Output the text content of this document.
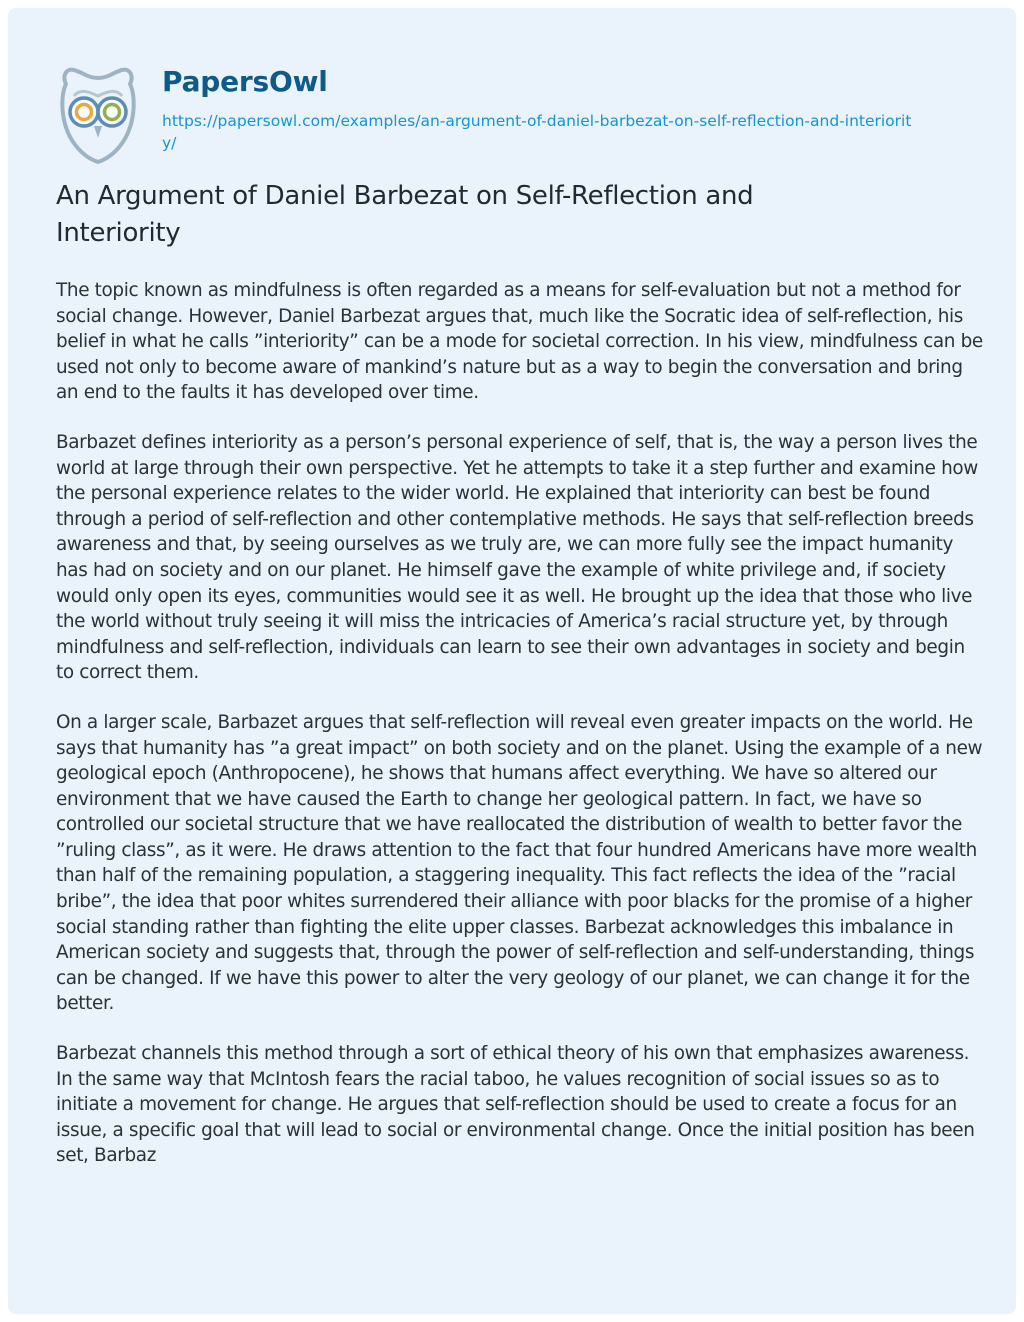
PapersOwl
https://papersowl.com/examples/an-argument-of-daniel-barbezat-on-self-reflection-and-interiority/
An Argument of Daniel Barbezat on Self-Reflection and Interiority

The topic known as mindfulness is often regarded as a means for self-evaluation but not a method for social change. However, Daniel Barbezat argues that, much like the Socratic idea of self-reflection, his belief in what he calls ”interiority” can be a mode for societal correction. In his view, mindfulness can be used not only to become aware of mankind’s nature but as a way to begin the conversation and bring an end to the faults it has developed over time.

Barbazet defines interiority as a person’s personal experience of self, that is, the way a person lives the world at large through their own perspective. Yet he attempts to take it a step further and examine how the personal experience relates to the wider world. He explained that interiority can best be found through a period of self-reflection and other contemplative methods. He says that self-reflection breeds awareness and that, by seeing ourselves as we truly are, we can more fully see the impact humanity has had on society and on our planet. He himself gave the example of white privilege and, if society would only open its eyes, communities would see it as well. He brought up the idea that those who live the world without truly seeing it will miss the intricacies of America’s racial structure yet, by through mindfulness and self-reflection, individuals can learn to see their own advantages in society and begin to correct them.

On a larger scale, Barbazet argues that self-reflection will reveal even greater impacts on the world. He says that humanity has ”a great impact” on both society and on the planet. Using the example of a new geological epoch (Anthropocene), he shows that humans affect everything. We have so altered our environment that we have caused the Earth to change her geological pattern. In fact, we have so controlled our societal structure that we have reallocated the distribution of wealth to better favor the ”ruling class”, as it were. He draws attention to the fact that four hundred Americans have more wealth than half of the remaining population, a staggering inequality. This fact reflects the idea of the ”racial bribe”, the idea that poor whites surrendered their alliance with poor blacks for the promise of a higher social standing rather than fighting the elite upper classes. Barbezat acknowledges this imbalance in American society and suggests that, through the power of self-reflection and self-understanding, things can be changed. If we have this power to alter the very geology of our planet, we can change it for the better.

Barbezat channels this method through a sort of ethical theory of his own that emphasizes awareness. In the same way that McIntosh fears the racial taboo, he values recognition of social issues so as to initiate a movement for change. He argues that self-reflection should be used to create a focus for an issue, a specific goal that will lead to social or environmental change. Once the initial position has been set, Barbaz
